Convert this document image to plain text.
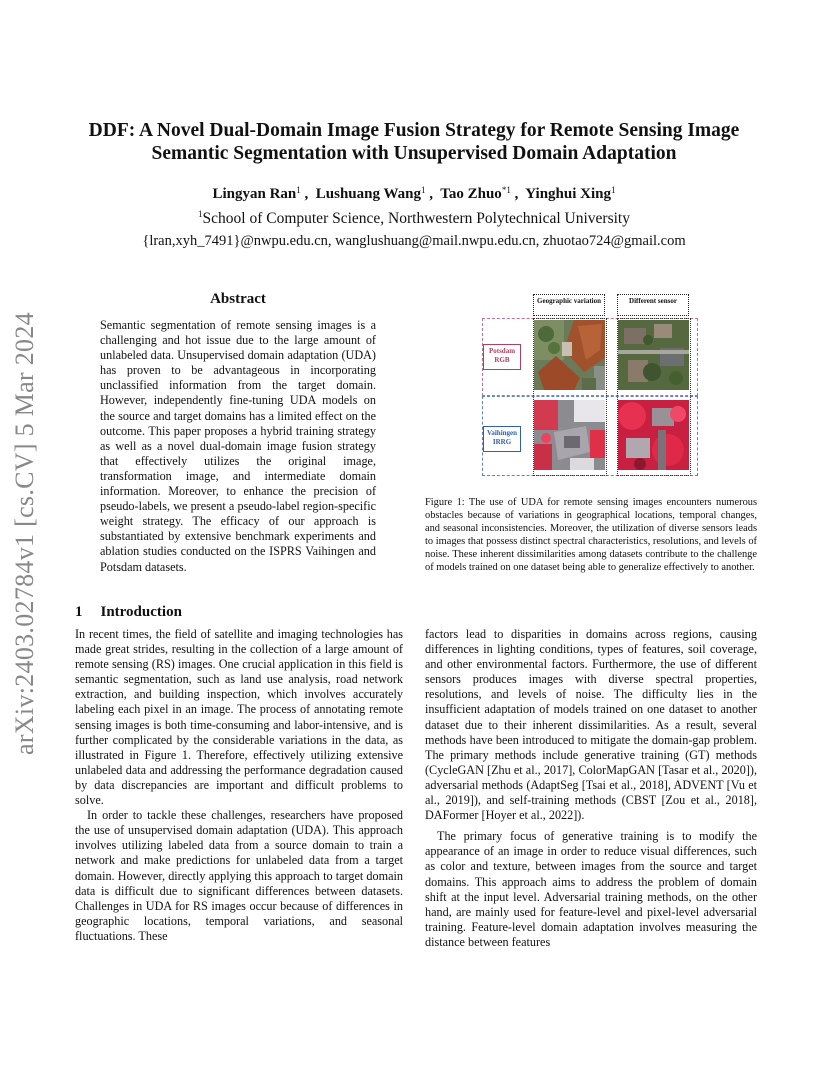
DDF: A Novel Dual-Domain Image Fusion Strategy for Remote Sensing Image
Semantic Segmentation with Unsupervised Domain Adaptation
Lingyan Ran$^1$ ,  Lushuang Wang$^1$ ,  Tao Zhuo$^{*1}$ ,  Yinghui Xing$^1$
$^1$School of Computer Science, Northwestern Polytechnical University
{lran,xyh_7491}@nwpu.edu.cn, wanglushuang@mail.nwpu.edu.cn, zhuotao724@gmail.com
arXiv:2403.02784v1 [cs.CV] 5 Mar 2024
Abstract
Semantic segmentation of remote sensing images is a challenging and hot issue due to the large amount of unlabeled data. Unsupervised domain adaptation (UDA) has proven to be advantageous in incorporating unclassified information from the target domain. However, independently fine-tuning UDA models on the source and target domains has a limited effect on the outcome. This paper proposes a hybrid training strategy as well as a novel dual-domain image fusion strategy that effectively utilizes the original image, transformation image, and intermediate domain information. Moreover, to enhance the precision of pseudo-labels, we present a pseudo-label region-specific weight strategy. The efficacy of our approach is substantiated by extensive benchmark experiments and ablation studies conducted on the ISPRS Vaihingen and Potsdam datasets.
Geographic variation	Different sensor
Potsdam RGB
Vaihingen IRRG
Figure 1: The use of UDA for remote sensing images encounters numerous obstacles because of variations in geographical locations, temporal changes, and seasonal inconsistencies. Moreover, the utilization of diverse sensors leads to images that possess distinct spectral characteristics, resolutions, and levels of noise. These inherent dissimilarities among datasets contribute to the challenge of models trained on one dataset being able to generalize effectively to another.
1 Introduction

In recent times, the field of satellite and imaging technologies has made great strides, resulting in the collection of a large amount of remote sensing (RS) images. One crucial application in this field is semantic segmentation, such as land use analysis, road network extraction, and building inspection, which involves accurately labeling each pixel in an image. The process of annotating remote sensing images is both time-consuming and labor-intensive, and is further complicated by the considerable variations in the data, as illustrated in Figure 1. Therefore, effectively utilizing extensive unlabeled data and addressing the performance degradation caused by data discrepancies are important and difficult problems to solve.

In order to tackle these challenges, researchers have proposed the use of unsupervised domain adaptation (UDA). This approach involves utilizing labeled data from a source domain to train a network and make predictions for unlabeled data from a target domain. However, directly applying this approach to target domain data is difficult due to significant differences between datasets. Challenges in UDA for RS images occur because of differences in geographic locations, temporal variations, and seasonal fluctuations. These

factors lead to disparities in domains across regions, causing differences in lighting conditions, types of features, soil coverage, and other environmental factors. Furthermore, the use of different sensors produces images with diverse spectral properties, resolutions, and levels of noise. The difficulty lies in the insufficient adaptation of models trained on one dataset to another dataset due to their inherent dissimilarities. As a result, several methods have been introduced to mitigate the domain-gap problem. The primary methods include generative training (GT) methods (CycleGAN [Zhu et al., 2017], ColorMapGAN [Tasar et al., 2020]), adversarial methods (AdaptSeg [Tsai et al., 2018], ADVENT [Vu et al., 2019]), and self-training methods (CBST [Zou et al., 2018], DAFormer [Hoyer et al., 2022]).

The primary focus of generative training is to modify the appearance of an image in order to reduce visual differences, such as color and texture, between images from the source and target domains. This approach aims to address the problem of domain shift at the input level. Adversarial training methods, on the other hand, are mainly used for feature-level and pixel-level adversarial training. Feature-level domain adaptation involves measuring the distance between features
